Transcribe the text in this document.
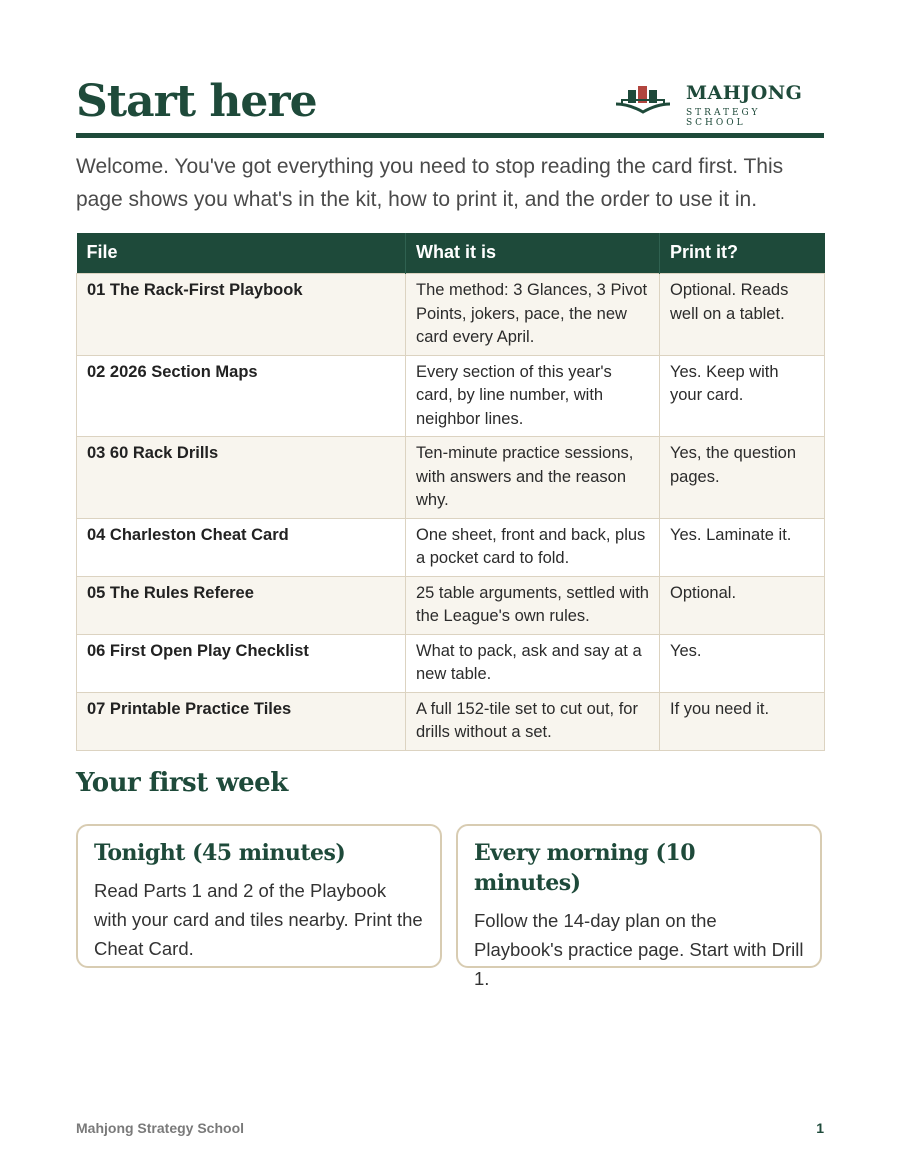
Start here	MAHJONG
STRATEGY SCHOOL

Welcome. You've got everything you need to stop reading the card first. This page shows you what's in the kit, how to print it, and the order to use it in.

File	What it is	Print it?
01 The Rack-First Playbook	The method: 3 Glances, 3 Pivot Points, jokers, pace, the new card every April.	Optional. Reads well on a tablet.
02 2026 Section Maps	Every section of this year's card, by line number, with neighbor lines.	Yes. Keep with your card.
03 60 Rack Drills	Ten-minute practice sessions, with answers and the reason why.	Yes, the question pages.
04 Charleston Cheat Card	One sheet, front and back, plus a pocket card to fold.	Yes. Laminate it.
05 The Rules Referee	25 table arguments, settled with the League's own rules.	Optional.
06 First Open Play Checklist	What to pack, ask and say at a new table.	Yes.
07 Printable Practice Tiles	A full 152-tile set to cut out, for drills without a set.	If you need it.
Your first week
Tonight (45 minutes)

Read Parts 1 and 2 of the Playbook with your card and tiles nearby. Print the Cheat Card.

Every morning (10 minutes)

Follow the 14-day plan on the Playbook's practice page. Start with Drill 1.

Mahjong Strategy School	1
